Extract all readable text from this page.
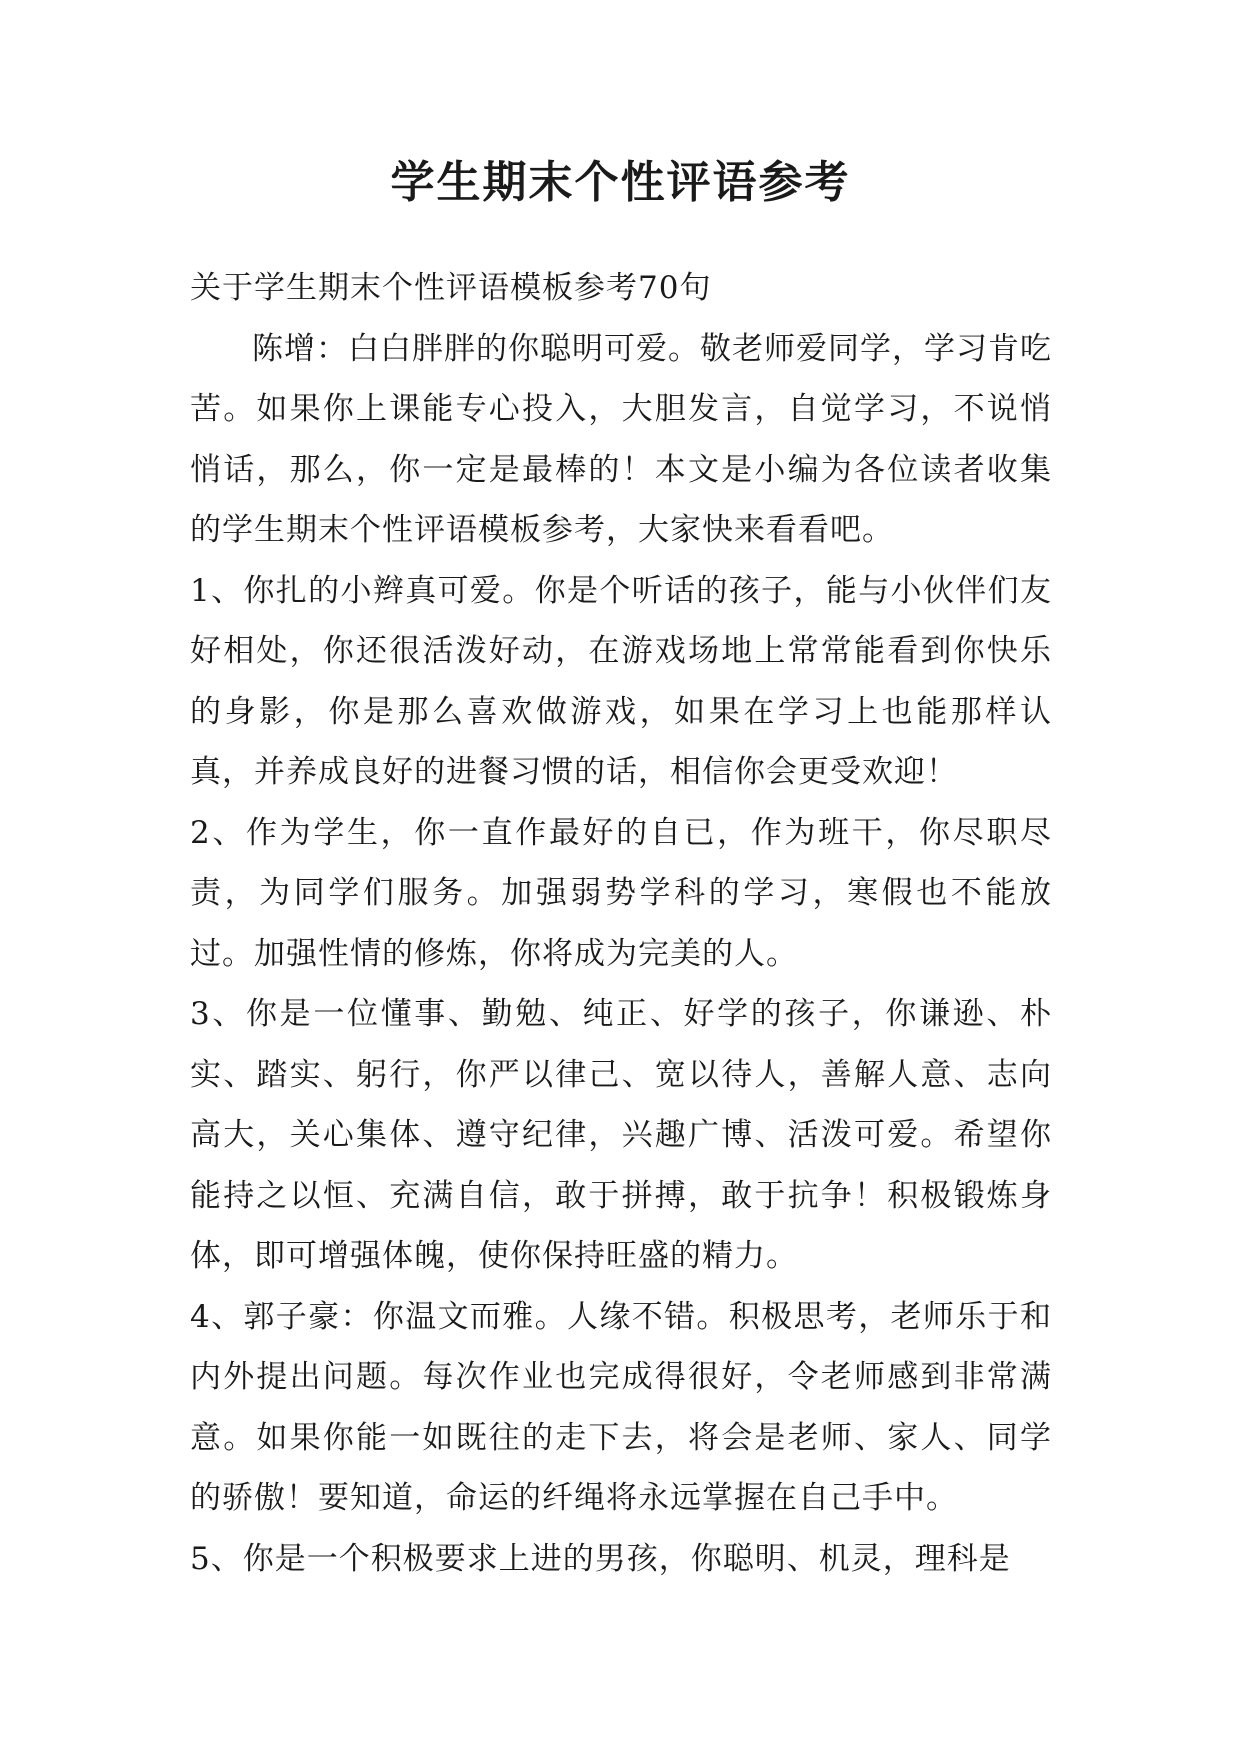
学生期末个性评语参考

关于学生期末个性评语模板参考70句

陈增：白白胖胖的你聪明可爱。敬老师爱同学，学习肯吃苦。如果你上课能专心投入，大胆发言，自觉学习，不说悄悄话，那么，你一定是最棒的！本文是小编为各位读者收集的学生期末个性评语模板参考，大家快来看看吧。

1、你扎的小辫真可爱。你是个听话的孩子，能与小伙伴们友好相处，你还很活泼好动，在游戏场地上常常能看到你快乐的身影，你是那么喜欢做游戏，如果在学习上也能那样认真，并养成良好的进餐习惯的话，相信你会更受欢迎！

2、作为学生，你一直作最好的自已，作为班干，你尽职尽责，为同学们服务。加强弱势学科的学习，寒假也不能放过。加强性情的修炼，你将成为完美的人。

3、你是一位懂事、勤勉、纯正、好学的孩子，你谦逊、朴实、踏实、躬行，你严以律己、宽以待人，善解人意、志向高大，关心集体、遵守纪律，兴趣广博、活泼可爱。希望你能持之以恒、充满自信，敢于拼搏，敢于抗争！积极锻炼身体，即可增强体魄，使你保持旺盛的精力。

4、郭子豪：你温文而雅。人缘不错。积极思考，老师乐于和内外提出问题。每次作业也完成得很好，令老师感到非常满意。如果你能一如既往的走下去，将会是老师、家人、同学的骄傲！要知道，命运的纤绳将永远掌握在自己手中。

5、你是一个积极要求上进的男孩，你聪明、机灵，理科是
